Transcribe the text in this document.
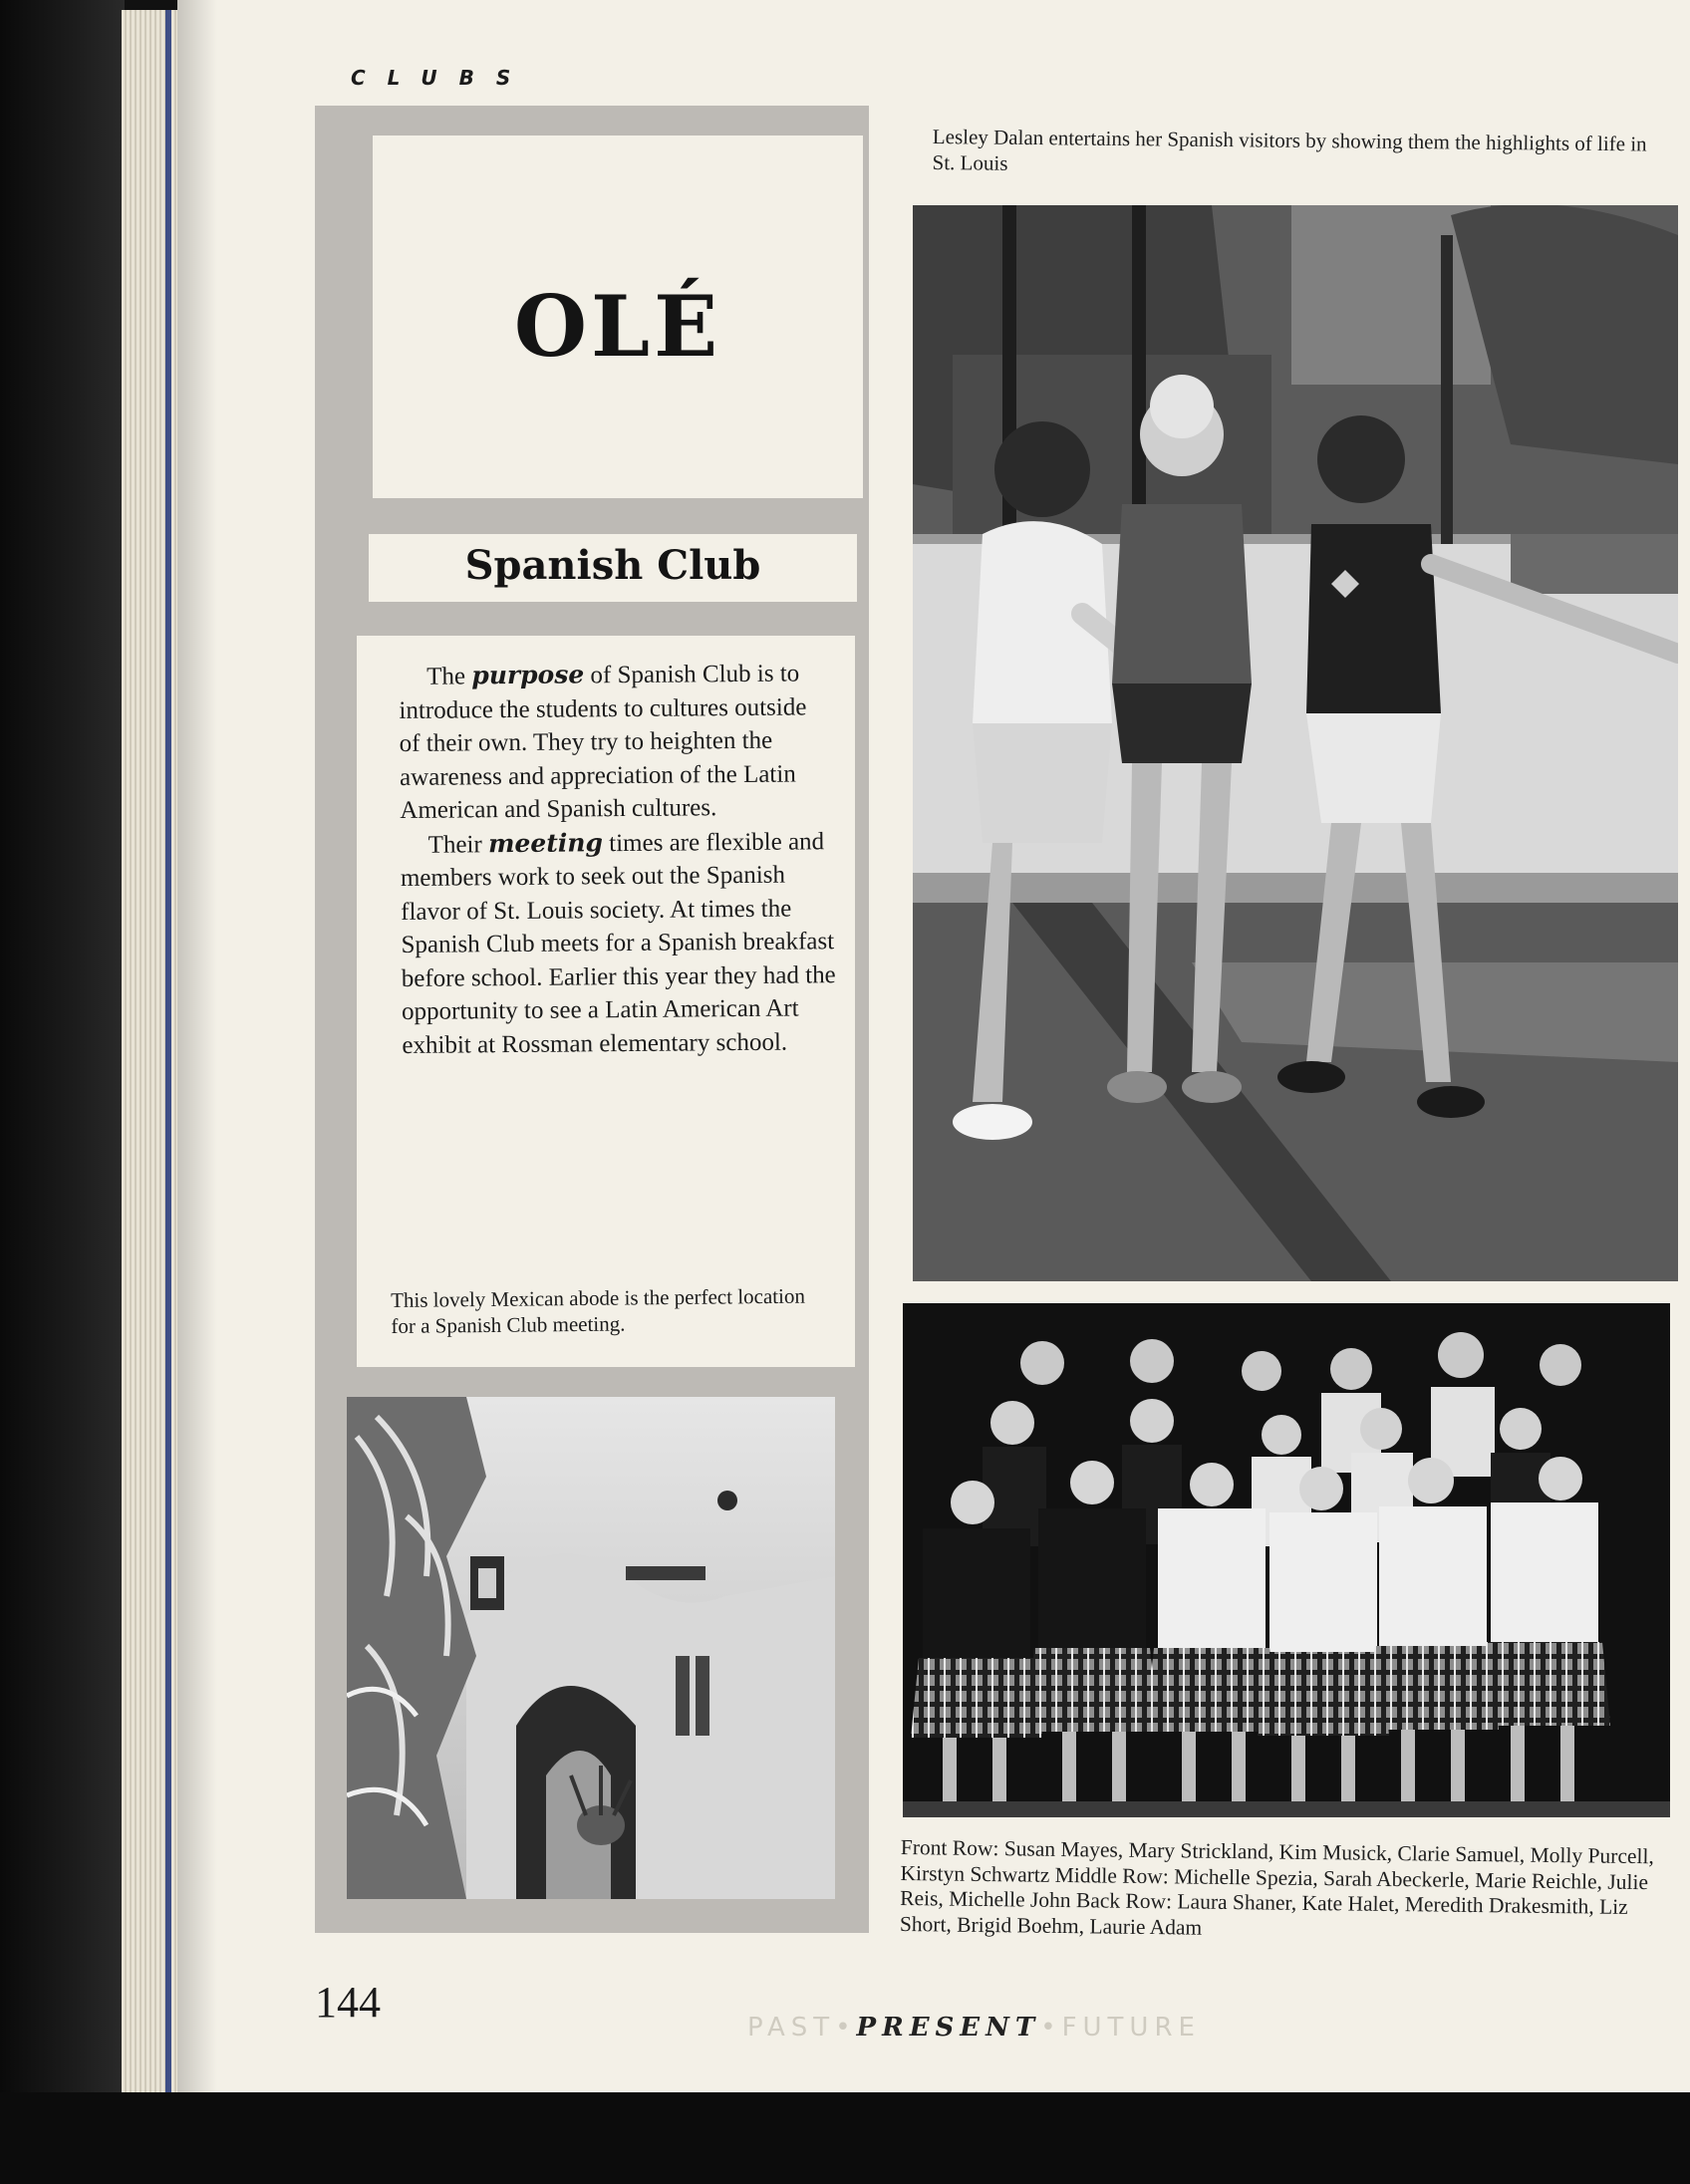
CLUBS
OLÉ
Spanish Club

The purpose of Spanish Club is to introduce the students to cultures outside of their own. They try to heighten the awareness and appreciation of the Latin American and Spanish cultures.

Their meeting times are flexible and members work to seek out the Spanish flavor of St. Louis society. At times the Spanish Club meets for a Spanish breakfast before school. Earlier this year they had the opportunity to see a Latin American Art exhibit at Rossman elementary school.

This lovely Mexican abode is the perfect location for a Spanish Club meeting.
Lesley Dalan entertains her Spanish visitors by showing them the highlights of life in St. Louis
Front Row: Susan Mayes, Mary Strickland, Kim Musick, Clarie Samuel, Molly Purcell, Kirstyn Schwartz Middle Row: Michelle Spezia, Sarah Abeckerle, Marie Reichle, Julie Reis, Michelle John Back Row: Laura Shaner, Kate Halet, Meredith Drakesmith, Liz Short, Brigid Boehm, Laurie Adam
144
PAST•PRESENT•FUTURE
